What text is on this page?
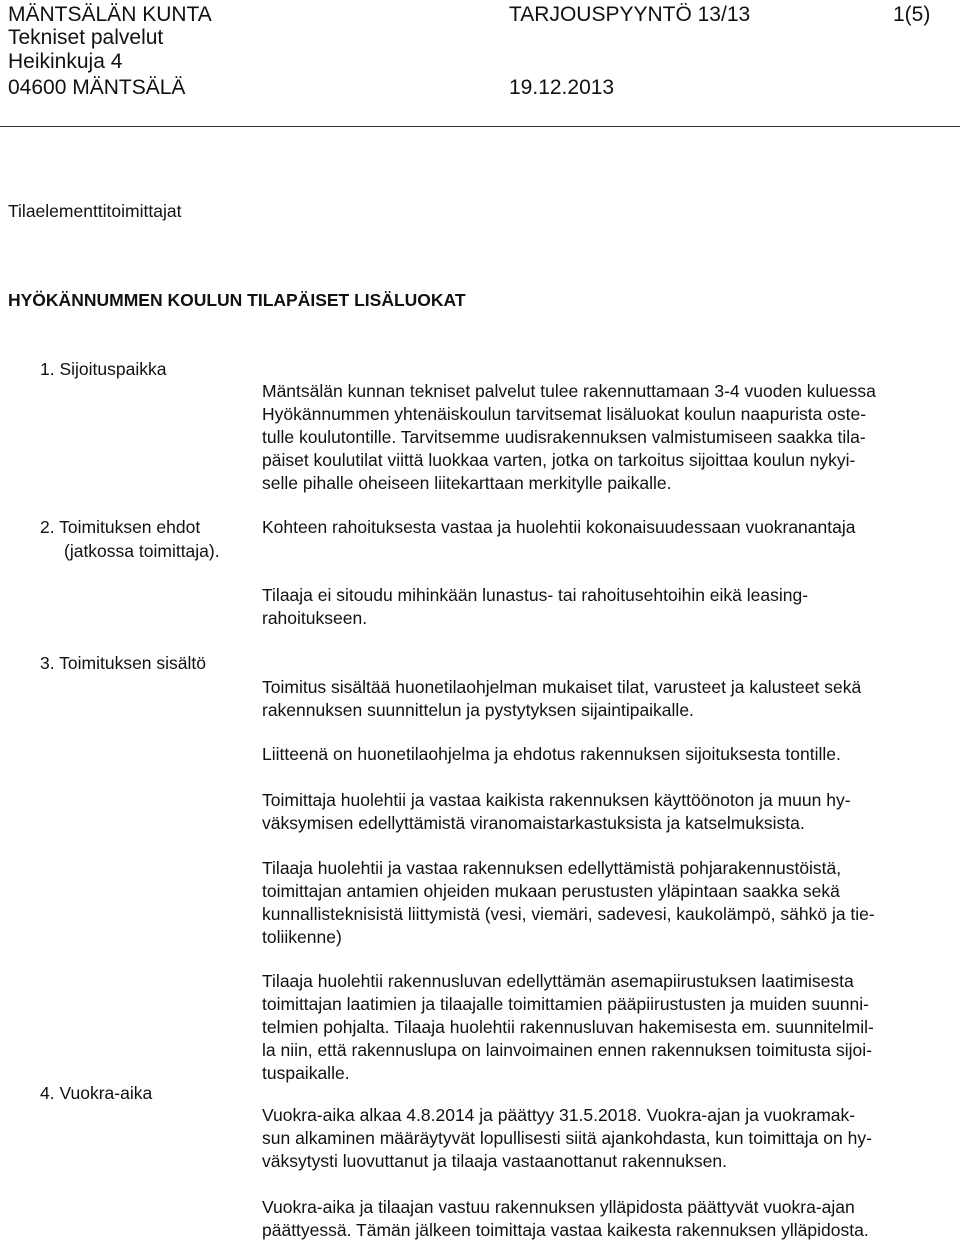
MÄNTSÄLÄN KUNTA
Tekniset palvelut
Heikinkuja 4
04600 MÄNTSÄLÄ
TARJOUSPYYNTÖ 13/13	1(5)
19.12.2013
Tilaelementtitoimittajat
HYÖKÄNNUMMEN KOULUN TILAPÄISET LISÄLUOKAT
1. Sijoituspaikka
Mäntsälän kunnan tekniset palvelut tulee rakennuttamaan 3-4 vuoden kuluessa
Hyökännummen yhtenäiskoulun tarvitsemat lisäluokat koulun naapurista oste-
tulle koulutontille. Tarvitsemme uudisrakennuksen valmistumiseen saakka tila-
päiset koulutilat viittä luokkaa varten, jotka on tarkoitus sijoittaa koulun nykyi-
selle pihalle oheiseen liitekarttaan merkitylle paikalle.
2. Toimituksen ehdot
(jatkossa toimittaja).
Kohteen rahoituksesta vastaa ja huolehtii kokonaisuudessaan vuokranantaja
Tilaaja ei sitoudu mihinkään lunastus- tai rahoitusehtoihin eikä leasing-
rahoitukseen.
3. Toimituksen sisältö
Toimitus sisältää huonetilaohjelman mukaiset tilat, varusteet ja kalusteet sekä
rakennuksen suunnittelun ja pystytyksen sijaintipaikalle.
Liitteenä on huonetilaohjelma ja ehdotus rakennuksen sijoituksesta tontille.
Toimittaja huolehtii ja vastaa kaikista rakennuksen käyttöönoton ja muun hy-
väksymisen edellyttämistä viranomaistarkastuksista ja katselmuksista.
Tilaaja huolehtii ja vastaa rakennuksen edellyttämistä pohjarakennustöistä,
toimittajan antamien ohjeiden mukaan perustusten yläpintaan saakka sekä
kunnallisteknisistä liittymistä (vesi, viemäri, sadevesi, kaukolämpö, sähkö ja tie-
toliikenne)
Tilaaja huolehtii rakennusluvan edellyttämän asemapiirustuksen laatimisesta
toimittajan laatimien ja tilaajalle toimittamien pääpiirustusten ja muiden suunni-
telmien pohjalta. Tilaaja huolehtii rakennusluvan hakemisesta em. suunnitelmil-
la niin, että rakennuslupa on lainvoimainen ennen rakennuksen toimitusta sijoi-
tuspaikalle.
4. Vuokra-aika
Vuokra-aika alkaa 4.8.2014 ja päättyy 31.5.2018. Vuokra-ajan ja vuokramak-
sun alkaminen määräytyvät lopullisesti siitä ajankohdasta, kun toimittaja on hy-
väksytysti luovuttanut ja tilaaja vastaanottanut rakennuksen.
Vuokra-aika ja tilaajan vastuu rakennuksen ylläpidosta päättyvät vuokra-ajan
päättyessä. Tämän jälkeen toimittaja vastaa kaikesta rakennuksen ylläpidosta.
